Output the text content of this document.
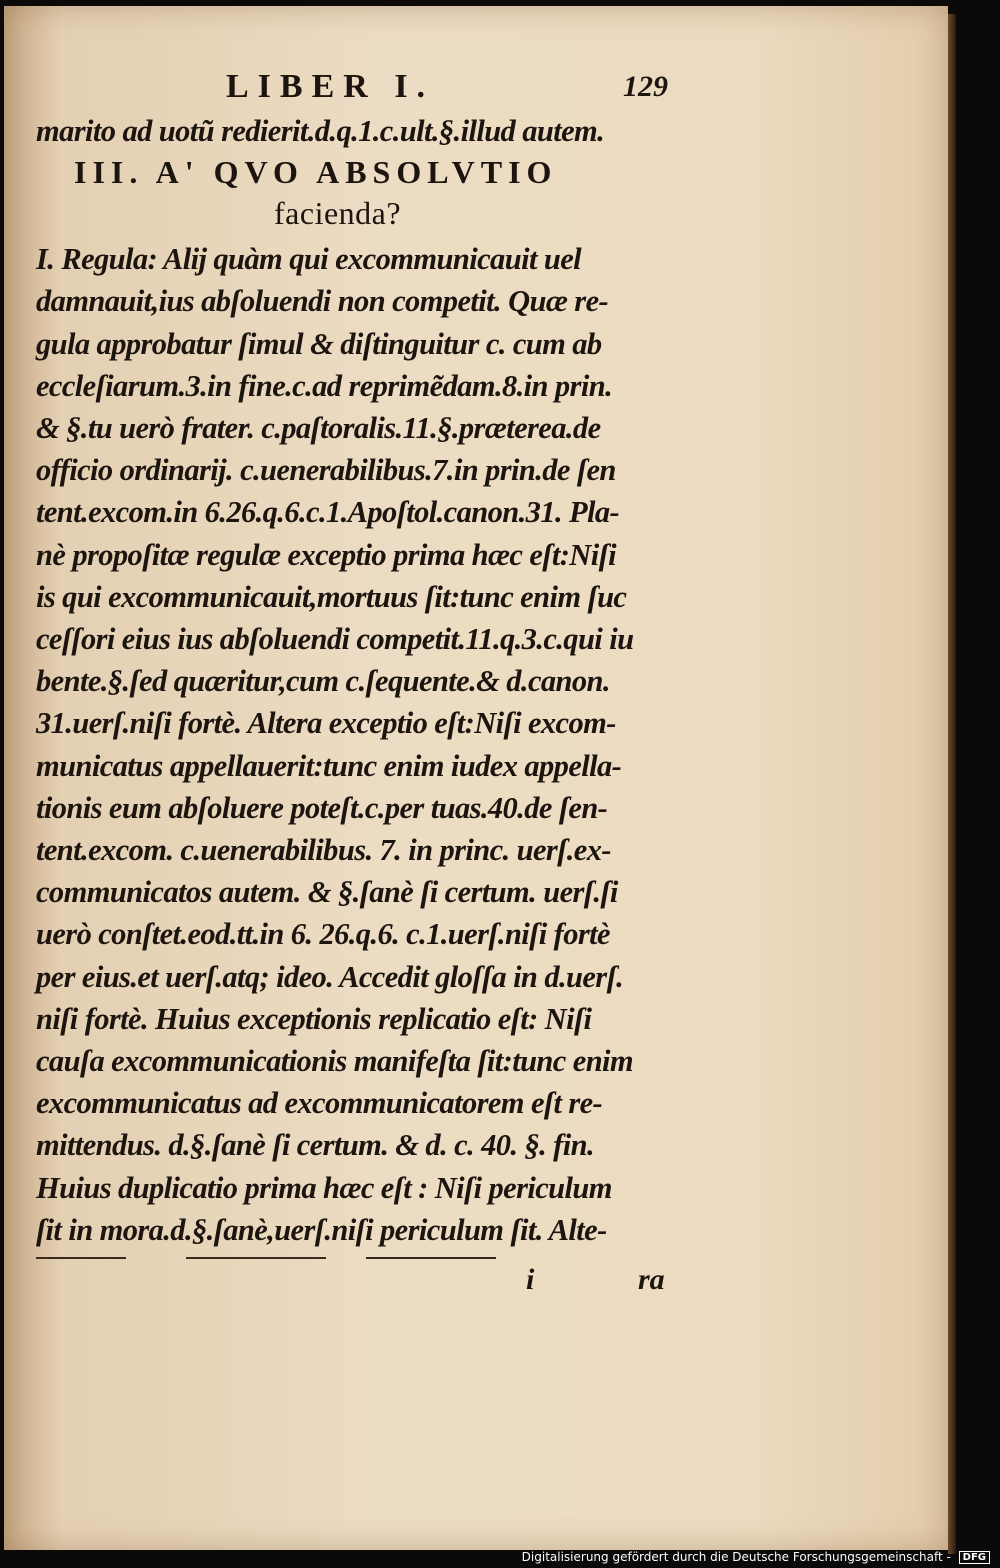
LIBER I.	129
marito ad uotũ redierit.d.q.1.c.ult.§.illud autem.
III. A' QVO ABSOLVTIO
facienda?
I. Regula: Alij quàm qui excommunicauit uel
damnauit,ius abſoluendi non competit. Quæ re-
gula approbatur ſimul & diſtinguitur c. cum ab
eccleſiarum.3.in fine.c.ad reprimẽdam.8.in prin.
& §.tu uerò frater. c.paſtoralis.11.§.præterea.de
officio ordinarij. c.uenerabilibus.7.in prin.de ſen
tent.excom.in 6.26.q.6.c.1.Apoſtol.canon.31. Pla-
nè propoſitæ regulæ exceptio prima hæc eſt:Niſi
is qui excommunicauit,mortuus ſit:tunc enim ſuc
ceſſori eius ius abſoluendi competit.11.q.3.c.qui iu
bente.§.ſed quæritur,cum c.ſequente.& d.canon.
31.uerſ.niſi fortè. Altera exceptio eſt:Niſi excom-
municatus appellauerit:tunc enim iudex appella-
tionis eum abſoluere poteſt.c.per tuas.40.de ſen-
tent.excom. c.uenerabilibus. 7. in princ. uerſ.ex-
communicatos autem. & §.ſanè ſi certum. uerſ.ſi
uerò conſtet.eod.tt.in 6. 26.q.6. c.1.uerſ.niſi fortè
per eius.et uerſ.atq; ideo. Accedit gloſſa in d.uerſ.
niſi fortè. Huius exceptionis replicatio eſt: Niſi
cauſa excommunicationis manifeſta ſit:tunc enim
excommunicatus ad excommunicatorem eſt re-
mittendus. d.§.ſanè ſi certum. & d. c. 40. §. fin.
Huius duplicatio prima hæc eſt : Niſi periculum
ſit in mora.d.§.ſanè,uerſ.niſi periculum ſit. Alte-
i	ra
Digitalisierung gefördert durch die Deutsche Forschungsgemeinschaft - DFG
